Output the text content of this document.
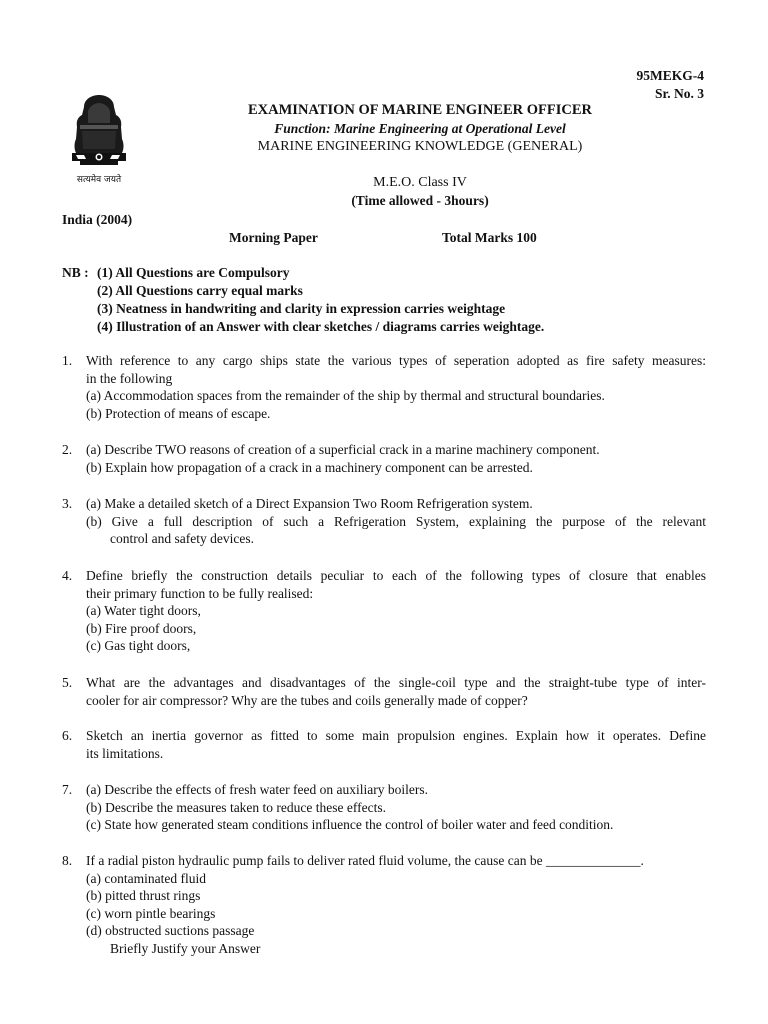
95MEKG-4
Sr. No. 3
सत्यमेव जयते
EXAMINATION OF MARINE ENGINEER OFFICER
Function: Marine Engineering at Operational Level
MARINE ENGINEERING KNOWLEDGE (GENERAL)
M.E.O. Class IV
(Time allowed - 3hours)
India (2004)
Morning Paper	Total Marks 100
NB : (1) All Questions are Compulsory
(2) All Questions carry equal marks
(3) Neatness in handwriting and clarity in expression carries weightage
(4) Illustration of an Answer with clear sketches / diagrams carries weightage.
1. With reference to any cargo ships state the various types of seperation adopted as fire safety measures:
in the following
(a) Accommodation spaces from the remainder of the ship by thermal and structural boundaries.
(b) Protection of means of escape.
2. (a) Describe TWO reasons of creation of a superficial crack in a marine machinery component.
(b) Explain how propagation of a crack in a machinery component can be arrested.
3. (a) Make a detailed sketch of a Direct Expansion Two Room Refrigeration system.
(b) Give a full description of such a Refrigeration System, explaining the purpose of the relevant
control and safety devices.
4. Define briefly the construction details peculiar to each of the following types of closure that enables
their primary function to be fully realised:
(a) Water tight doors,
(b) Fire proof doors,
(c) Gas tight doors,
5. What are the advantages and disadvantages of the single-coil type and the straight-tube type of inter-
cooler for air compressor? Why are the tubes and coils generally made of copper?
6. Sketch an inertia governor as fitted to some main propulsion engines. Explain how it operates. Define
its limitations.
7. (a) Describe the effects of fresh water feed on auxiliary boilers.
(b) Describe the measures taken to reduce these effects.
(c) State how generated steam conditions influence the control of boiler water and feed condition.
8. If a radial piston hydraulic pump fails to deliver rated fluid volume, the cause can be ______________.
(a) contaminated fluid
(b) pitted thrust rings
(c) worn pintle bearings
(d) obstructed suctions passage
Briefly Justify your Answer
